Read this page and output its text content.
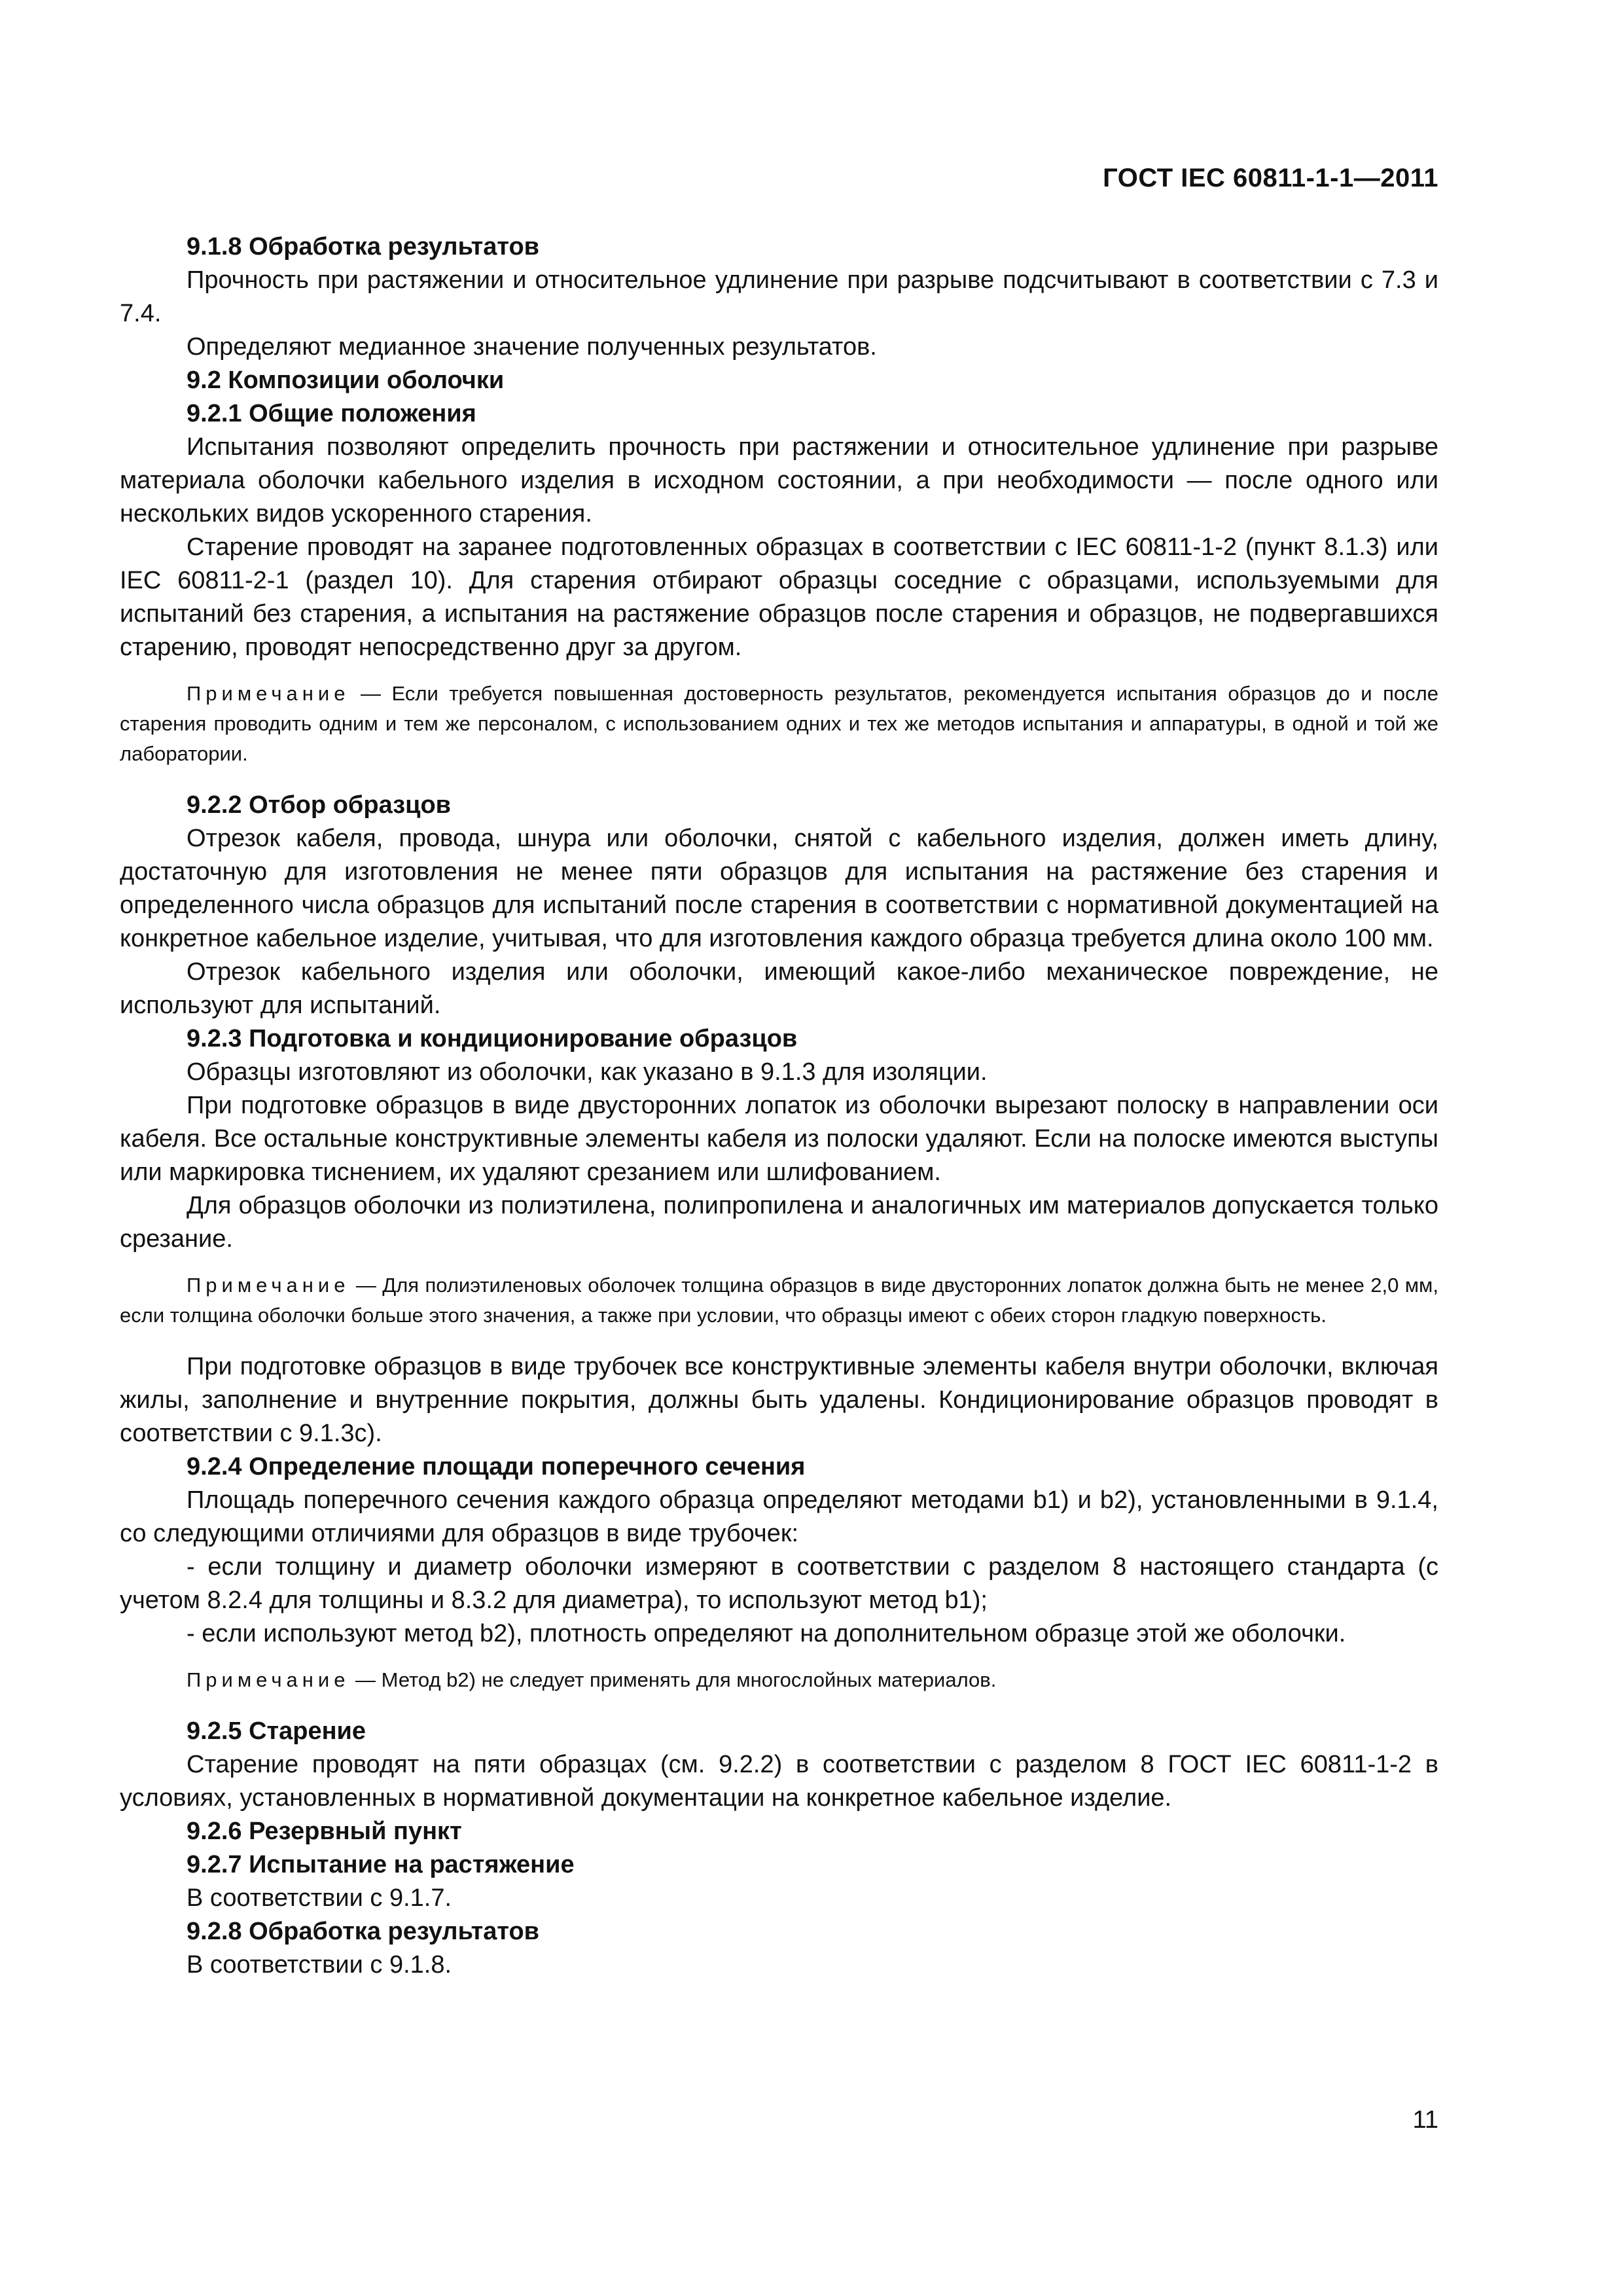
ГОСТ IEC 60811-1-1—2011
9.1.8 Обработка результатов
Прочность при растяжении и относительное удлинение при разрыве подсчитывают в соответствии с 7.3 и 7.4.
Определяют медианное значение полученных результатов.
9.2 Композиции оболочки
9.2.1 Общие положения
Испытания позволяют определить прочность при растяжении и относительное удлинение при разрыве материала оболочки кабельного изделия в исходном состоянии, а при необходимости — после одного или нескольких видов ускоренного старения.
Старение проводят на заранее подготовленных образцах в соответствии с IEC 60811-1-2 (пункт 8.1.3) или IEC 60811-2-1 (раздел 10). Для старения отбирают образцы соседние с образцами, используемыми для испытаний без старения, а испытания на растяжение образцов после старения и образцов, не подвергавшихся старению, проводят непосредственно друг за другом.
Примечание — Если требуется повышенная достоверность результатов, рекомендуется испытания образцов до и после старения проводить одним и тем же персоналом, с использованием одних и тех же методов испытания и аппаратуры, в одной и той же лаборатории.
9.2.2 Отбор образцов
Отрезок кабеля, провода, шнура или оболочки, снятой с кабельного изделия, должен иметь длину, достаточную для изготовления не менее пяти образцов для испытания на растяжение без старения и определенного числа образцов для испытаний после старения в соответствии с нормативной документацией на конкретное кабельное изделие, учитывая, что для изготовления каждого образца требуется длина около 100 мм.
Отрезок кабельного изделия или оболочки, имеющий какое-либо механическое повреждение, не используют для испытаний.
9.2.3 Подготовка и кондиционирование образцов
Образцы изготовляют из оболочки, как указано в 9.1.3 для изоляции.
При подготовке образцов в виде двусторонних лопаток из оболочки вырезают полоску в направлении оси кабеля. Все остальные конструктивные элементы кабеля из полоски удаляют. Если на полоске имеются выступы или маркировка тиснением, их удаляют срезанием или шлифованием.
Для образцов оболочки из полиэтилена, полипропилена и аналогичных им материалов допускается только срезание.
Примечание — Для полиэтиленовых оболочек толщина образцов в виде двусторонних лопаток должна быть не менее 2,0 мм, если толщина оболочки больше этого значения, а также при условии, что образцы имеют с обеих сторон гладкую поверхность.
При подготовке образцов в виде трубочек все конструктивные элементы кабеля внутри оболочки, включая жилы, заполнение и внутренние покрытия, должны быть удалены. Кондиционирование образцов проводят в соответствии с 9.1.3с).
9.2.4 Определение площади поперечного сечения
Площадь поперечного сечения каждого образца определяют методами b1) и b2), установленными в 9.1.4, со следующими отличиями для образцов в виде трубочек:
- если толщину и диаметр оболочки измеряют в соответствии с разделом 8 настоящего стандарта (с учетом 8.2.4 для толщины и 8.3.2 для диаметра), то используют метод b1);
- если используют метод b2), плотность определяют на дополнительном образце этой же оболочки.
Примечание — Метод b2) не следует применять для многослойных материалов.
9.2.5 Старение
Старение проводят на пяти образцах (см. 9.2.2) в соответствии с разделом 8 ГОСТ IEC 60811-1-2 в условиях, установленных в нормативной документации на конкретное кабельное изделие.
9.2.6 Резервный пункт
9.2.7 Испытание на растяжение
В соответствии с 9.1.7.
9.2.8 Обработка результатов
В соответствии с 9.1.8.
11
